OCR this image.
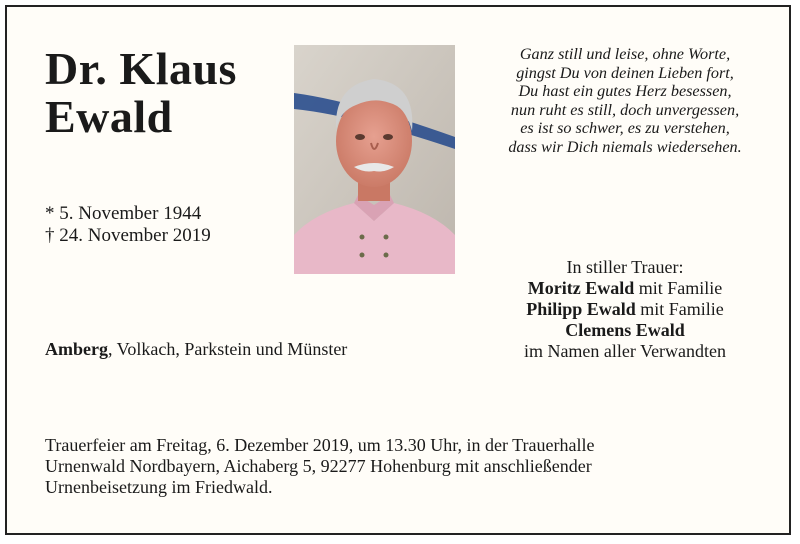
Dr. Klaus
Ewald
* 5. November 1944
† 24. November 2019
Ganz still und leise, ohne Worte,
gingst Du von deinen Lieben fort,
Du hast ein gutes Herz besessen,
nun ruht es still, doch unvergessen,
es ist so schwer, es zu verstehen,
dass wir Dich niemals wiedersehen.
In stiller Trauer:
Moritz Ewald mit Familie
Philipp Ewald mit Familie
Clemens Ewald
im Namen aller Verwandten
Amberg, Volkach, Parkstein und Münster
Trauerfeier am Freitag, 6. Dezember 2019, um 13.30 Uhr, in der Trauerhalle
Urnenwald Nordbayern, Aichaberg 5, 92277 Hohenburg mit anschließender
Urnenbeisetzung im Friedwald.
